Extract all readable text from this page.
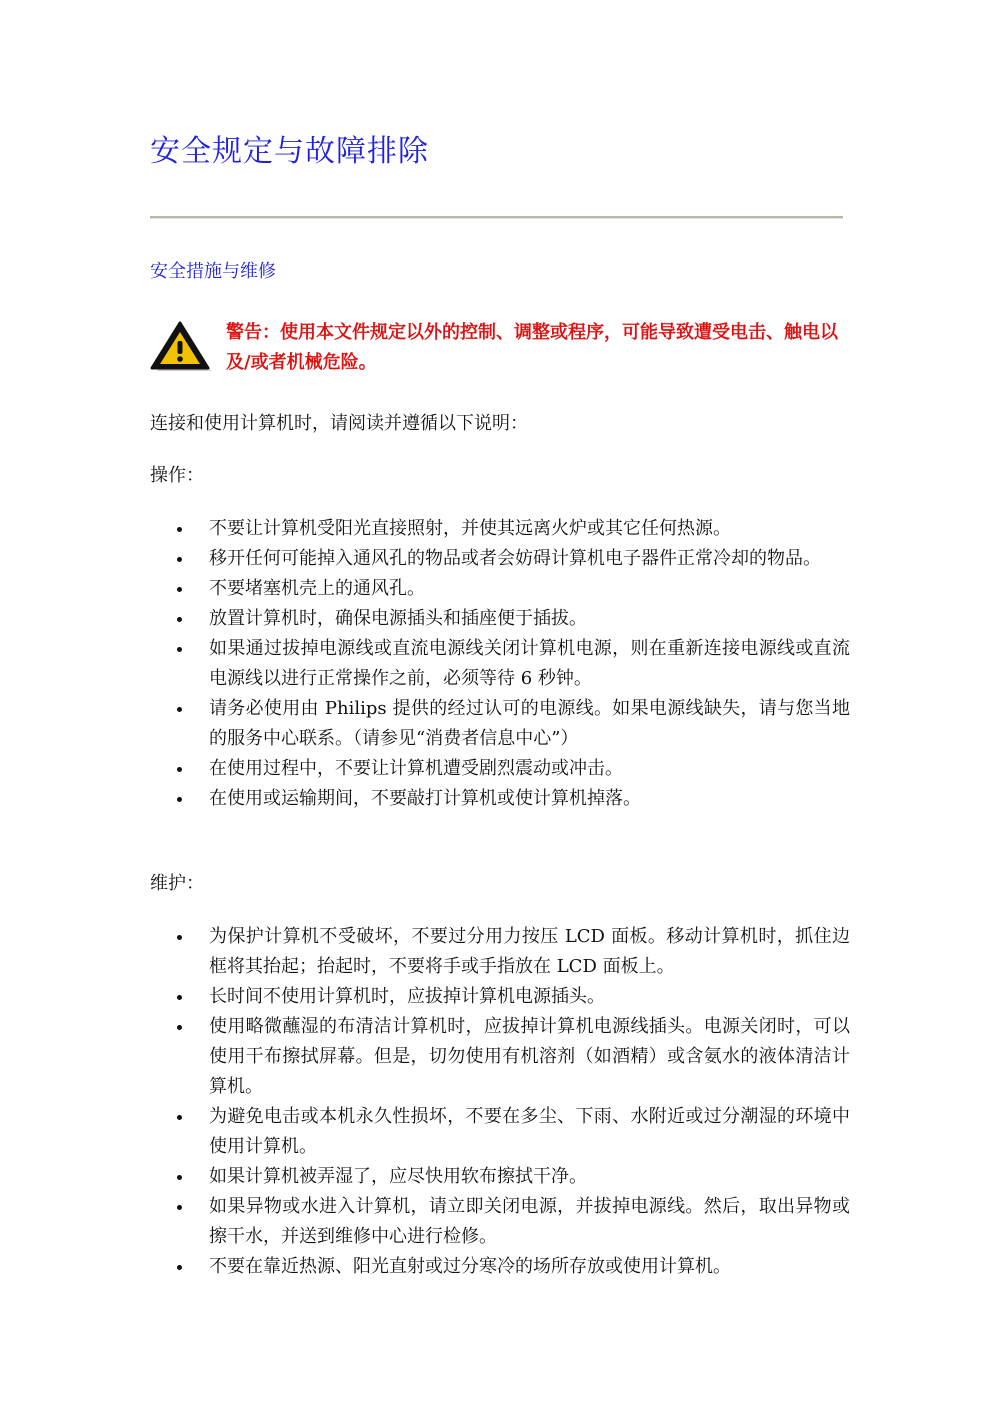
安全规定与故障排除
安全措施与维修
警告：使用本文件规定以外的控制、调整或程序，可能导致遭受电击、触电以及/或者机械危险。
连接和使用计算机时，请阅读并遵循以下说明：
操作：
不要让计算机受阳光直接照射，并使其远离火炉或其它任何热源。
移开任何可能掉入通风孔的物品或者会妨碍计算机电子器件正常冷却的物品。
不要堵塞机壳上的通风孔。
放置计算机时，确保电源插头和插座便于插拔。
如果通过拔掉电源线或直流电源线关闭计算机电源，则在重新连接电源线或直流电源线以进行正常操作之前，必须等待 6 秒钟。
请务必使用由 Philips 提供的经过认可的电源线。如果电源线缺失，请与您当地的服务中心联系。（请参见“消费者信息中心”）
在使用过程中，不要让计算机遭受剧烈震动或冲击。
在使用或运输期间，不要敲打计算机或使计算机掉落。
维护：
为保护计算机不受破坏，不要过分用力按压 LCD 面板。移动计算机时，抓住边框将其抬起；抬起时，不要将手或手指放在 LCD 面板上。
长时间不使用计算机时，应拔掉计算机电源插头。
使用略微蘸湿的布清洁计算机时，应拔掉计算机电源线插头。电源关闭时，可以使用干布擦拭屏幕。但是，切勿使用有机溶剂（如酒精）或含氨水的液体清洁计算机。
为避免电击或本机永久性损坏，不要在多尘、下雨、水附近或过分潮湿的环境中使用计算机。
如果计算机被弄湿了，应尽快用软布擦拭干净。
如果异物或水进入计算机，请立即关闭电源，并拔掉电源线。然后，取出异物或擦干水，并送到维修中心进行检修。
不要在靠近热源、阳光直射或过分寒冷的场所存放或使用计算机。
